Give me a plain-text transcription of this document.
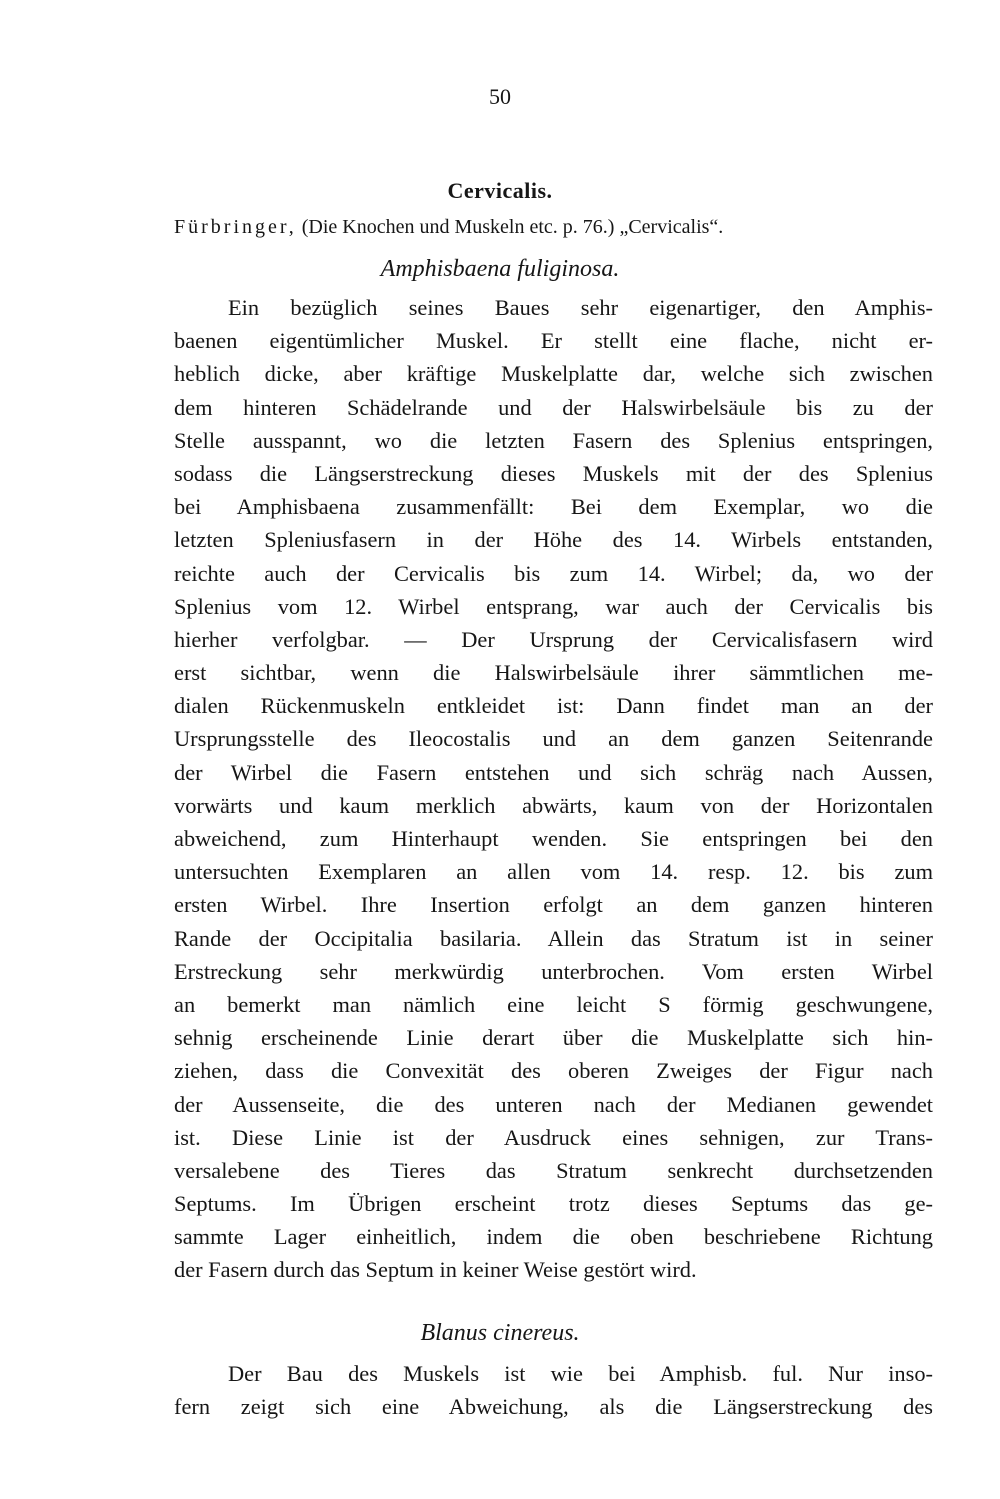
50
Cervicalis.
Fürbringer, (Die Knochen und Muskeln etc. p. 76.) „Cervicalis“.
Amphisbaena fuliginosa.
Ein bezüglich seines Baues sehr eigenartiger, den Amphis-
baenen eigentümlicher Muskel. Er stellt eine flache, nicht er-
heblich dicke, aber kräftige Muskelplatte dar, welche sich zwischen
dem hinteren Schädelrande und der Halswirbelsäule bis zu der
Stelle ausspannt, wo die letzten Fasern des Splenius entspringen,
sodass die Längserstreckung dieses Muskels mit der des Splenius
bei Amphisbaena zusammenfällt: Bei dem Exemplar, wo die
letzten Spleniusfasern in der Höhe des 14. Wirbels entstanden,
reichte auch der Cervicalis bis zum 14. Wirbel; da, wo der
Splenius vom 12. Wirbel entsprang, war auch der Cervicalis bis
hierher verfolgbar. — Der Ursprung der Cervicalisfasern wird
erst sichtbar, wenn die Halswirbelsäule ihrer sämmtlichen me-
dialen Rückenmuskeln entkleidet ist: Dann findet man an der
Ursprungsstelle des Ileocostalis und an dem ganzen Seitenrande
der Wirbel die Fasern entstehen und sich schräg nach Aussen,
vorwärts und kaum merklich abwärts, kaum von der Horizontalen
abweichend, zum Hinterhaupt wenden. Sie entspringen bei den
untersuchten Exemplaren an allen vom 14. resp. 12. bis zum
ersten Wirbel. Ihre Insertion erfolgt an dem ganzen hinteren
Rande der Occipitalia basilaria. Allein das Stratum ist in seiner
Erstreckung sehr merkwürdig unterbrochen. Vom ersten Wirbel
an bemerkt man nämlich eine leicht S förmig geschwungene,
sehnig erscheinende Linie derart über die Muskelplatte sich hin-
ziehen, dass die Convexität des oberen Zweiges der Figur nach
der Aussenseite, die des unteren nach der Medianen gewendet
ist. Diese Linie ist der Ausdruck eines sehnigen, zur Trans-
versalebene des Tieres das Stratum senkrecht durchsetzenden
Septums. Im Übrigen erscheint trotz dieses Septums das ge-
sammte Lager einheitlich, indem die oben beschriebene Richtung
der Fasern durch das Septum in keiner Weise gestört wird.
Blanus cinereus.
Der Bau des Muskels ist wie bei Amphisb. ful. Nur inso-
fern zeigt sich eine Abweichung, als die Längserstreckung des
